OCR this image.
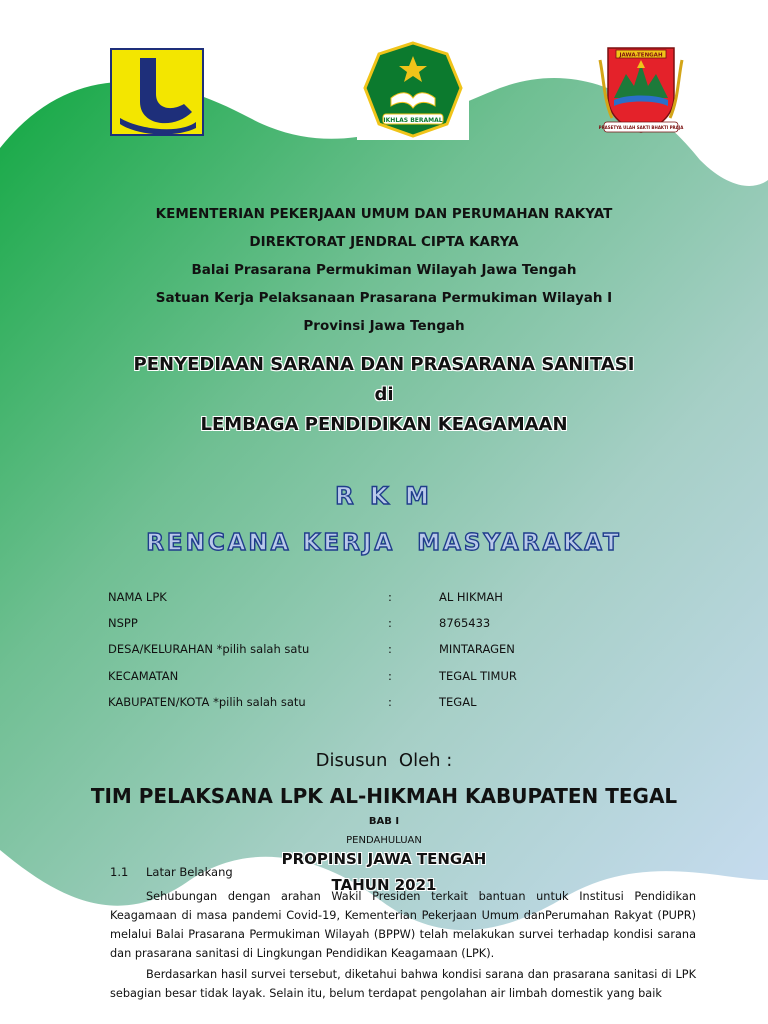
IKHLAS BERAMAL
JAWA-TENGAH
PRASETYA ULAH SAKTI BHAKTI PRAJA
KEMENTERIAN PEKERJAAN UMUM DAN PERUMAHAN RAKYAT
DIREKTORAT JENDRAL CIPTA KARYA
Balai Prasarana Permukiman Wilayah Jawa Tengah
Satuan Kerja Pelaksanaan Prasarana Permukiman Wilayah I
Provinsi Jawa Tengah
PENYEDIAAN SARANA DAN PRASARANA SANITASI
di
LEMBAGA PENDIDIKAN KEAGAMAAN
R K M
RENCANA KERJA  MASYARAKAT
NAMA LPK	:	AL HIKMAH
NSPP	:	8765433
DESA/KELURAHAN *pilih salah satu	:	MINTARAGEN
KECAMATAN	:	TEGAL TIMUR
KABUPATEN/KOTA *pilih salah satu	:	TEGAL
Disusun  Oleh :
TIM PELAKSANA LPK AL-HIKMAH KABUPATEN TEGAL
BAB I
PENDAHULUAN
PROPINSI JAWA TENGAH
TAHUN 2021
1.1 Latar Belakang
Sehubungan dengan arahan Wakil Presiden terkait bantuan untuk Institusi Pendidikan Keagamaan di masa pandemi Covid-19, Kementerian Pekerjaan Umum danPerumahan Rakyat (PUPR) melalui Balai Prasarana Permukiman Wilayah (BPPW) telah melakukan survei terhadap kondisi sarana dan prasarana sanitasi di Lingkungan Pendidikan Keagamaan (LPK).
Berdasarkan hasil survei tersebut, diketahui bahwa kondisi sarana dan prasarana sanitasi di LPK sebagian besar tidak layak. Selain itu, belum terdapat pengolahan air limbah domestik yang baik
